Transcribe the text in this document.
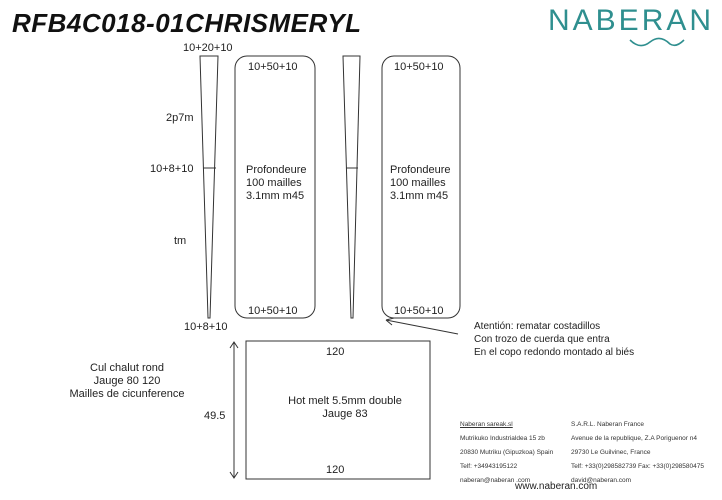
RFB4C018-01CHRISMERYL	NABERAN
10+20+10
2p7m
10+8+10
tm
10+8+10
10+50+10
Profondeure
100 mailles
3.1mm m45
10+50+10
10+50+10
Profondeure
100 mailles
3.1mm m45
10+50+10
Atentión: rematar costadillos
Con trozo de cuerda que entra
En el copo redondo montado al biés
Cul chalut rond
Jauge 80 120
Mailles de cicunference
49.5
120
Hot melt 5.5mm double
Jauge 83
120
Naberan sareak.sl
Mutrikuko Industrialdea 15 zb
20830 Mutriku (Gipuzkoa) Spain
Telf: +34943195122
naberan@naberan .com
S.A.R.L. Naberan France
Avenue de la republique, Z.A Poriguenor n4
29730 Le Guilvinec, France
Telf: +33(0)298582739 Fax: +33(0)298580475
david@naberan.com
www.naberan.com
